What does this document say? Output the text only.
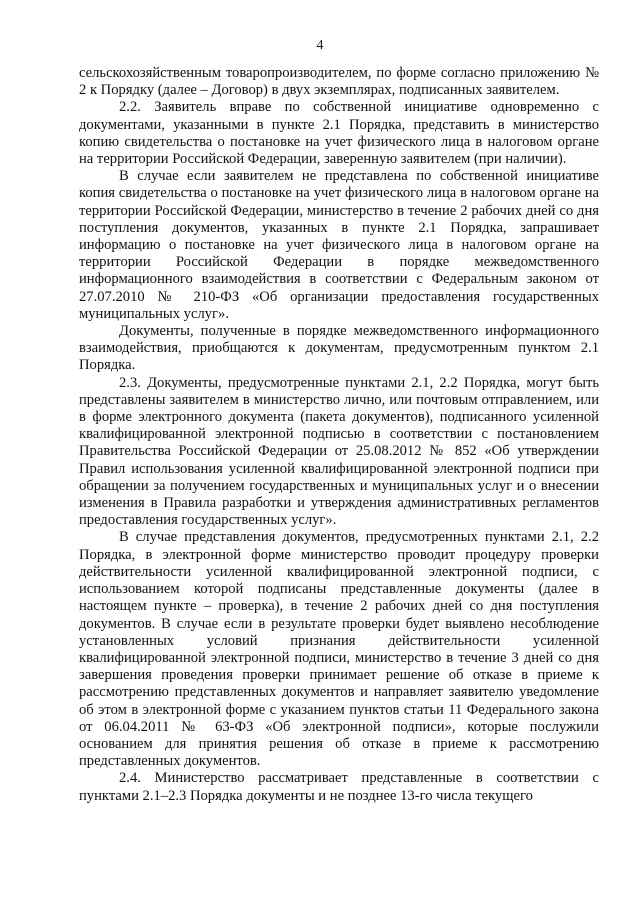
4

сельскохозяйственным товаропроизводителем, по форме согласно приложению № 2 к Порядку (далее – Договор) в двух экземплярах, подписанных заявителем.

2.2. Заявитель вправе по собственной инициативе одновременно с документами, указанными в пункте 2.1 Порядка, представить в министерство копию свидетельства о постановке на учет физического лица в налоговом органе на территории Российской Федерации, заверенную заявителем (при наличии).

В случае если заявителем не представлена по собственной инициативе копия свидетельства о постановке на учет физического лица в налоговом органе на территории Российской Федерации, министерство в течение 2 рабочих дней со дня поступления документов, указанных в пункте 2.1 Порядка, запрашивает информацию о постановке на учет физического лица в налоговом органе на территории Российской Федерации в порядке межведомственного информационного взаимодействия в соответствии с Федеральным законом от 27.07.2010 № 210-ФЗ «Об организации предоставления государственных муниципальных услуг».

Документы, полученные в порядке межведомственного информационного взаимодействия, приобщаются к документам, предусмотренным пунктом 2.1 Порядка.

2.3. Документы, предусмотренные пунктами 2.1, 2.2 Порядка, могут быть представлены заявителем в министерство лично, или почтовым отправлением, или в форме электронного документа (пакета документов), подписанного усиленной квалифицированной электронной подписью в соответствии с постановлением Правительства Российской Федерации от 25.08.2012 № 852 «Об утверждении Правил использования усиленной квалифицированной электронной подписи при обращении за получением государственных и муниципальных услуг и о внесении изменения в Правила разработки и утверждения административных регламентов предоставления государственных услуг».

В случае представления документов, предусмотренных пунктами 2.1, 2.2 Порядка, в электронной форме министерство проводит процедуру проверки действительности усиленной квалифицированной электронной подписи, с использованием которой подписаны представленные документы (далее в настоящем пункте – проверка), в течение 2 рабочих дней со дня поступления документов. В случае если в результате проверки будет выявлено несоблюдение установленных условий признания действительности усиленной квалифицированной электронной подписи, министерство в течение 3 дней со дня завершения проведения проверки принимает решение об отказе в приеме к рассмотрению представленных документов и направляет заявителю уведомление об этом в электронной форме с указанием пунктов статьи 11 Федерального закона от 06.04.2011 № 63-ФЗ «Об электронной подписи», которые послужили основанием для принятия решения об отказе в приеме к рассмотрению представленных документов.

2.4. Министерство рассматривает представленные в соответствии с пунктами 2.1–2.3 Порядка документы и не позднее 13-го числа текущего
